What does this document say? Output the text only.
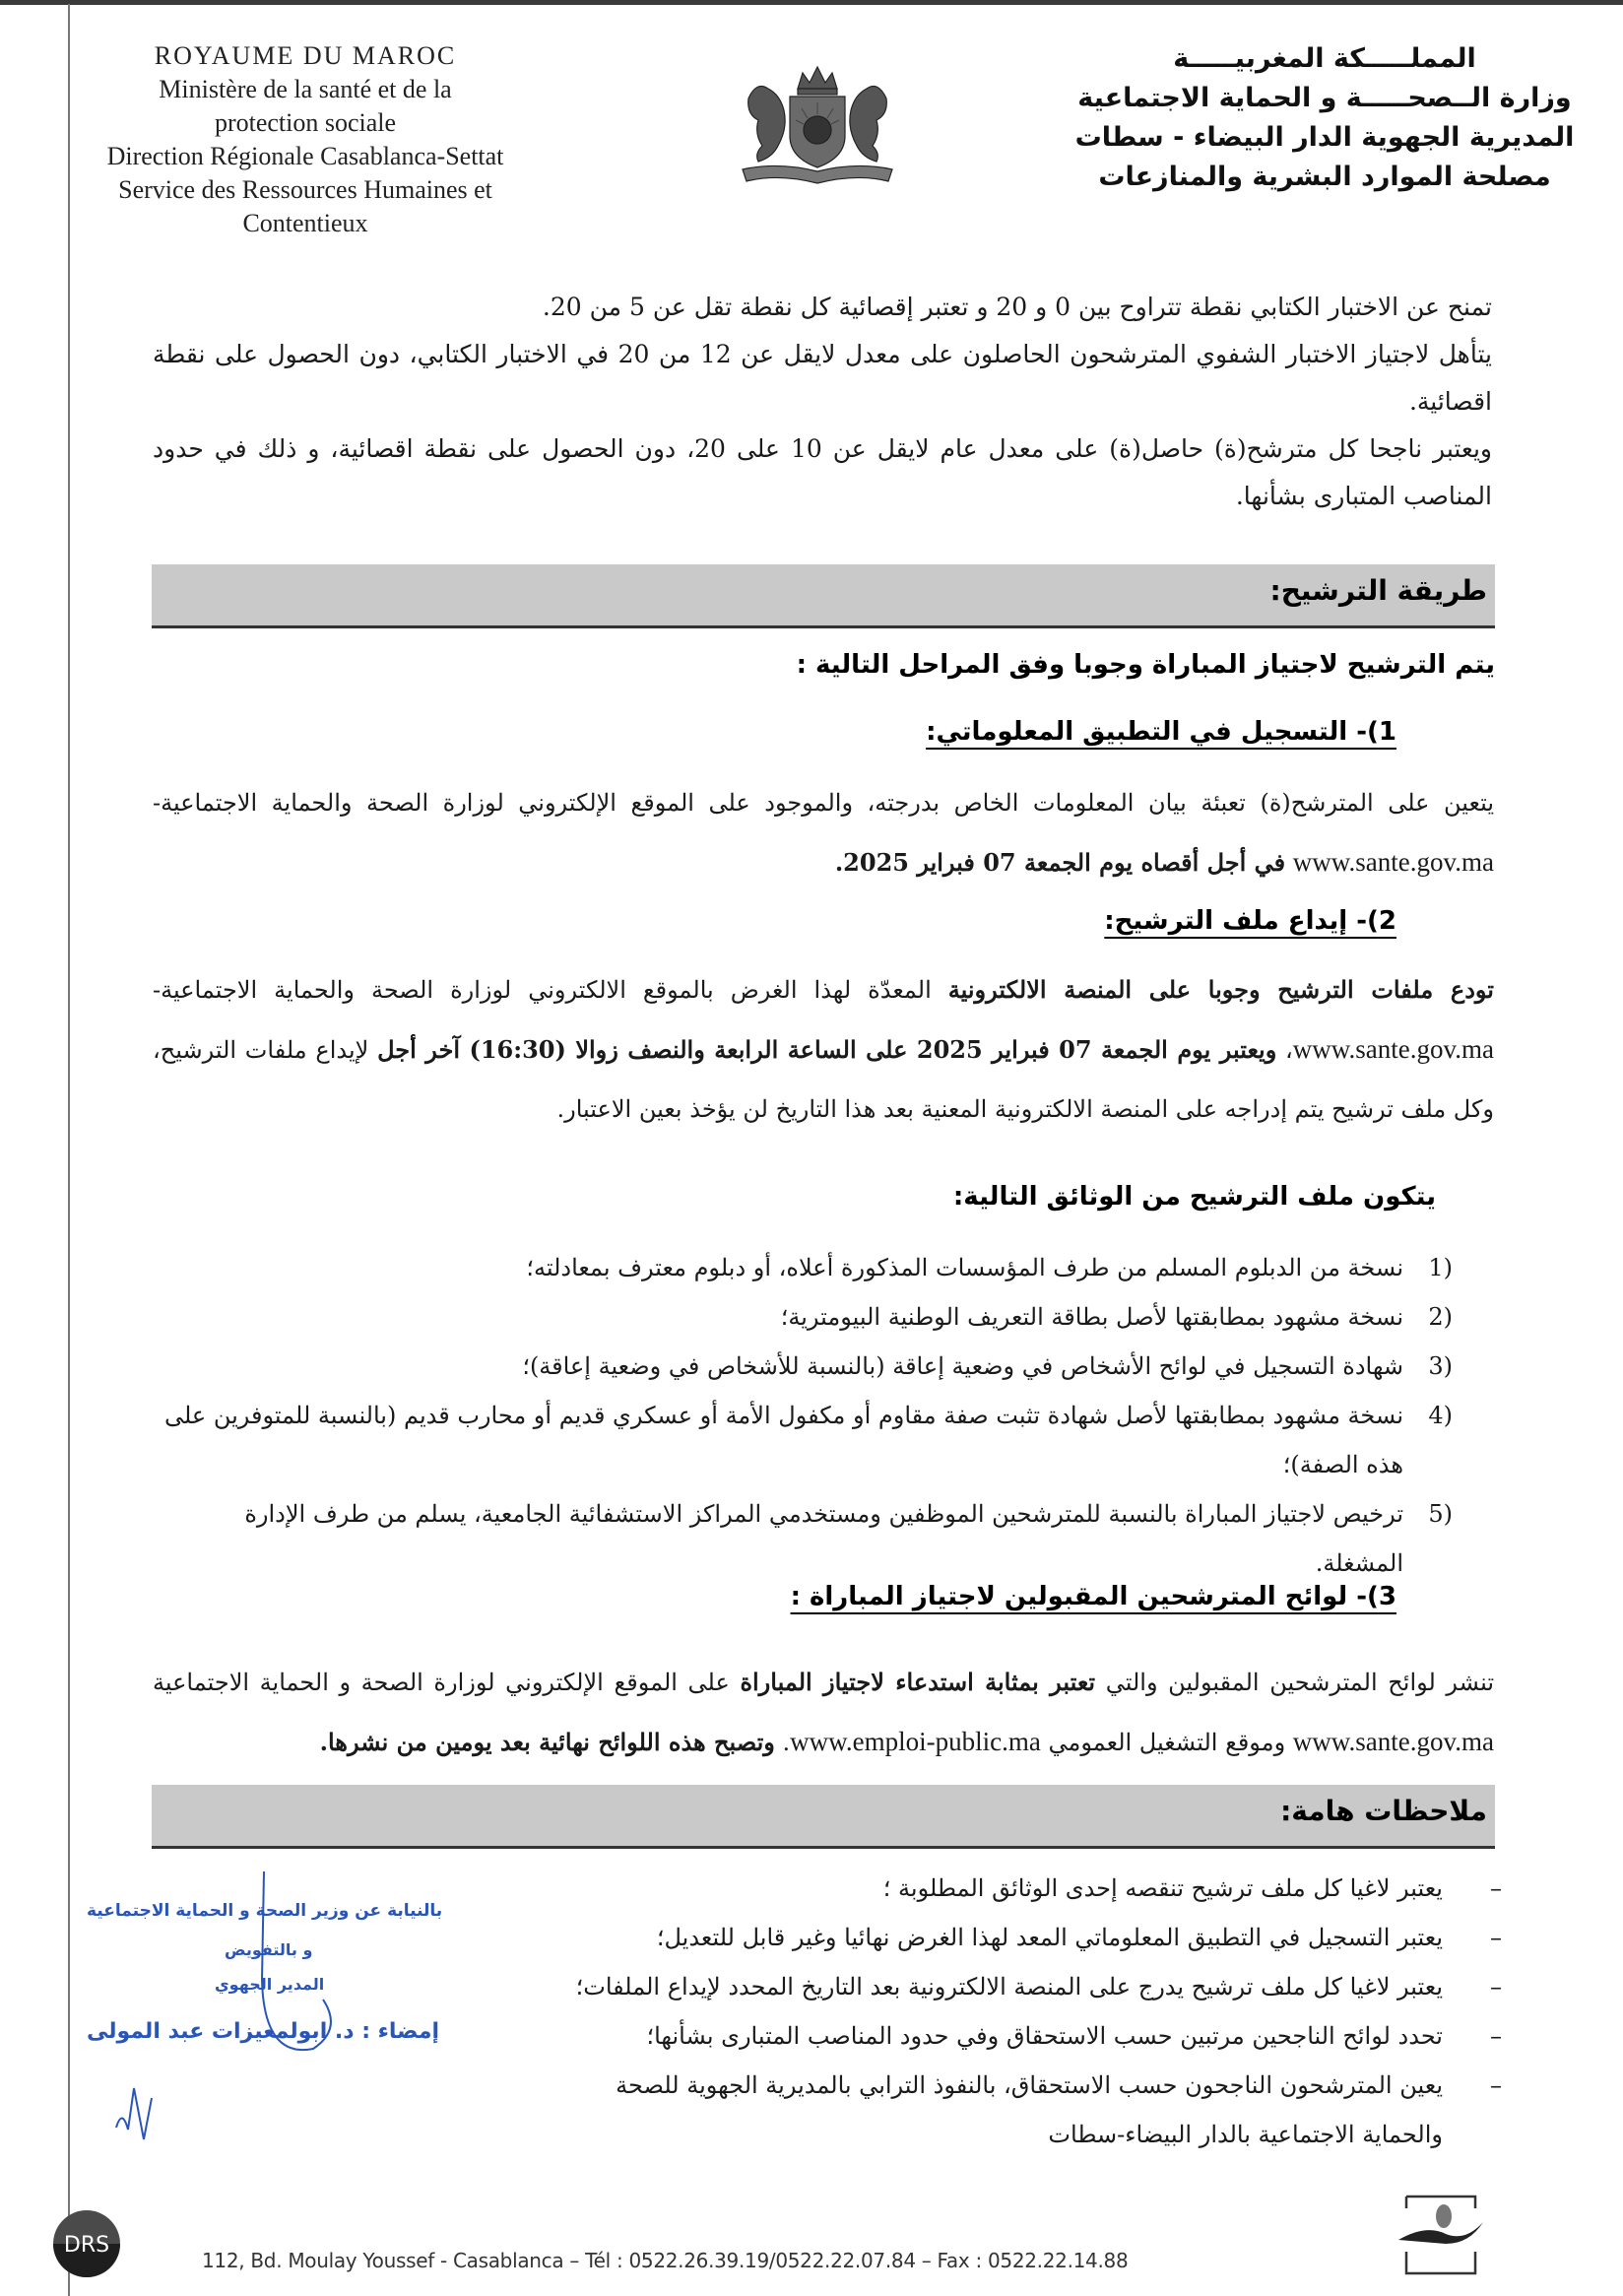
ROYAUME DU MAROC
Ministère de la santé et de la
protection sociale
Direction Régionale Casablanca-Settat
Service des Ressources Humaines et
Contentieux
المملـــــكة المغربيـــــة
وزارة الــصحـــــة و الحماية الاجتماعية
المديرية الجهوية الدار البيضاء - سطات
مصلحة الموارد البشرية والمنازعات

تمنح عن الاختبار الكتابي نقطة تتراوح بين 0 و 20 و تعتبر إقصائية كل نقطة تقل عن 5 من 20.

يتأهل لاجتياز الاختبار الشفوي المترشحون الحاصلون على معدل لايقل عن 12 من 20 في الاختبار الكتابي، دون الحصول على نقطة اقصائية.

ويعتبر ناجحا كل مترشح(ة) حاصل(ة) على معدل عام لايقل عن 10 على 20، دون الحصول على نقطة اقصائية، و ذلك في حدود المناصب المتبارى بشأنها.

طريقة الترشيح:
يتم الترشيح لاجتياز المباراة وجوبا وفق المراحل التالية :
1)- التسجيل في التطبيق المعلوماتي:
يتعين على المترشح(ة) تعبئة بيان المعلومات الخاص بدرجته، والموجود على الموقع الإلكتروني لوزارة الصحة والحماية الاجتماعية- www.sante.gov.ma في أجل أقصاه يوم الجمعة 07 فبراير 2025.
2)- إيداع ملف الترشيح:
تودع ملفات الترشيح وجوبا على المنصة الالكترونية المعدّة لهذا الغرض بالموقع الالكتروني لوزارة الصحة والحماية الاجتماعية- www.sante.gov.ma، ويعتبر يوم الجمعة 07 فبراير 2025 على الساعة الرابعة والنصف زوالا (16:30) آخر أجل لإيداع ملفات الترشيح، وكل ملف ترشيح يتم إدراجه على المنصة الالكترونية المعنية بعد هذا التاريخ لن يؤخذ بعين الاعتبار.
يتكون ملف الترشيح من الوثائق التالية:
1)
نسخة من الدبلوم المسلم من طرف المؤسسات المذكورة أعلاه، أو دبلوم معترف بمعادلته؛
2)
نسخة مشهود بمطابقتها لأصل بطاقة التعريف الوطنية البيومترية؛
3)
شهادة التسجيل في لوائح الأشخاص في وضعية إعاقة (بالنسبة للأشخاص في وضعية إعاقة)؛
4)
نسخة مشهود بمطابقتها لأصل شهادة تثبت صفة مقاوم أو مكفول الأمة أو عسكري قديم أو محارب قديم (بالنسبة للمتوفرين على هذه الصفة)؛
5)
ترخيص لاجتياز المباراة بالنسبة للمترشحين الموظفين ومستخدمي المراكز الاستشفائية الجامعية، يسلم من طرف الإدارة المشغلة.
3)- لوائح المترشحين المقبولين لاجتياز المباراة :
تنشر لوائح المترشحين المقبولين والتي تعتبر بمثابة استدعاء لاجتياز المباراة على الموقع الإلكتروني لوزارة الصحة و الحماية الاجتماعية www.sante.gov.ma وموقع التشغيل العمومي www.emploi-public.ma. وتصبح هذه اللوائح نهائية بعد يومين من نشرها.
ملاحظات هامة:
–
يعتبر لاغيا كل ملف ترشيح تنقصه إحدى الوثائق المطلوبة ؛
–
يعتبر التسجيل في التطبيق المعلوماتي المعد لهذا الغرض نهائيا وغير قابل للتعديل؛
–
يعتبر لاغيا كل ملف ترشيح يدرج على المنصة الالكترونية بعد التاريخ المحدد لإيداع الملفات؛
–
تحدد لوائح الناجحين مرتبين حسب الاستحقاق وفي حدود المناصب المتبارى بشأنها؛
–
يعين المترشحون الناجحون حسب الاستحقاق، بالنفوذ الترابي بالمديرية الجهوية للصحة والحماية الاجتماعية بالدار البيضاء-سطات
بالنيابة عن وزير الصحة و الحماية الاجتماعية
و بالتفويض
المدير الجهوي
إمضاء : د. ابولمعيزات عبد المولى
DRS
112, Bd. Moulay Youssef - Casablanca – Tél : 0522.26.39.19/0522.22.07.84 – Fax : 0522.22.14.88
